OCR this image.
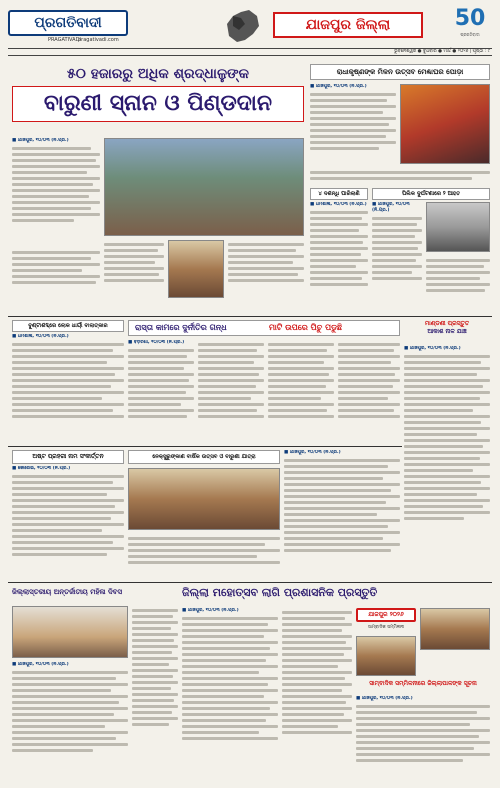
ପ୍ରଗତିବାଦୀ
PRAGATIVADI
pragativadi.com
ଯାଜପୁର ଜିଲ୍ଲା	50
ପ୍ରଗତିବାଦୀ
ଭୁବନେଶ୍ୱର ● ବୁଧବାର ● ମାର୍ଚ୍ଚ ● ୨୦୨୬ | ପୃଷ୍ଠା : ୯
୫୦ ହଜାରରୁ ଅଧିକ ଶ୍ରଦ୍ଧାଳୁଙ୍କ
ବାରୁଣୀ ସ୍ନାନ ଓ ପିଣ୍ଡଦାନ
■ ଯାଜପୁର, ୧୦/୦୩ (ନି.ପ୍ର.)
ରାଧାକୃଷ୍ଣଙ୍କ ମିଳନ ଉତ୍ସବ ମେଣ୍ଢାଘର ପୋଡ଼ା
■ ଯାଜପୁର, ୧୦/୦୩ (ନି.ପ୍ର.)
୪ ଦଶନ୍ଧି ପାରିଲାଣି
■ ଧର୍ମଶାଳା, ୧୦/୦୩ (ନି.ପ୍ର.)
ପିଲିକ ଦୁର୍ଘଟଣାରେ ୨ ଆହତ
■ ଯାଜପୁର, ୧୦/୦୩ (ନି.ପ୍ର.)
ବୁଣ୍ଟାଶବ୍ଦ୍ରେ ଲୋକ ଧାର୍ୟା ବାଲାତ୍କାର
■ ଧର୍ମଶାଳା, ୧୦/୦୩ (ନି.ପ୍ର.)
ରାସ୍ତା କାମରେ ଦୁର୍ନୀତିର ଗନ୍ଧ	ମାଟି ଉପରେ ପିଚୁ ପଡୁଛି
■ ବଡ଼ଚଣା, ୧୦/୦୩ (ନି.ପ୍ର.)
ମାଣ୍ଡଣୀ ପ୍ରସ୍ତୁତ
ଆକାଶ ନାଳ ଯାଞ୍ଚ
■ ଯାଜପୁର, ୧୦/୦୩ (ନି.ପ୍ର.)
ଅଷ୍ଟ ପ୍ରହରୀ ନାମ ସଂକୀର୍ତ୍ତନ
■ କୋରେଇ, ୧୦/୦୩ (ନି.ପ୍ର.)
ନେକ୍ସୁରୁଙ୍କାଣ ବାର୍ଷିକ ଉତ୍ସବ ଓ ବାରୁଣୀ ଯାତ୍ରା
■ ଯାଜପୁର, ୧୦/୦୩ (ନି.ପ୍ର.)
ଜିଲ୍ଲାସ୍ତରୀୟ ଅନ୍ତର୍ଜାତୀୟ ମହିଳା ଦିବସ
■ ଯାଜପୁର, ୧୦/୦୩ (ନି.ପ୍ର.)
ଜିଲ୍ଲା ମହୋତ୍ସବ ଲାଗି ପ୍ରଶାସନିକ ପ୍ରସ୍ତୁତି
■ ଯାଜପୁର, ୧୦/୦୩ (ନି.ପ୍ର.)
ଯାଜପୁର ୨୦୨୬
ସାମ୍ବାଦିକ ସମ୍ମିଳନୀ
ସାମ୍ବାଦିକ ସମ୍ମିଳନୀରେ ଜିଲ୍ଲାପାଳଙ୍କ ସୂଚନା
■ ଯାଜପୁର, ୧୦/୦୩ (ନି.ପ୍ର.)
